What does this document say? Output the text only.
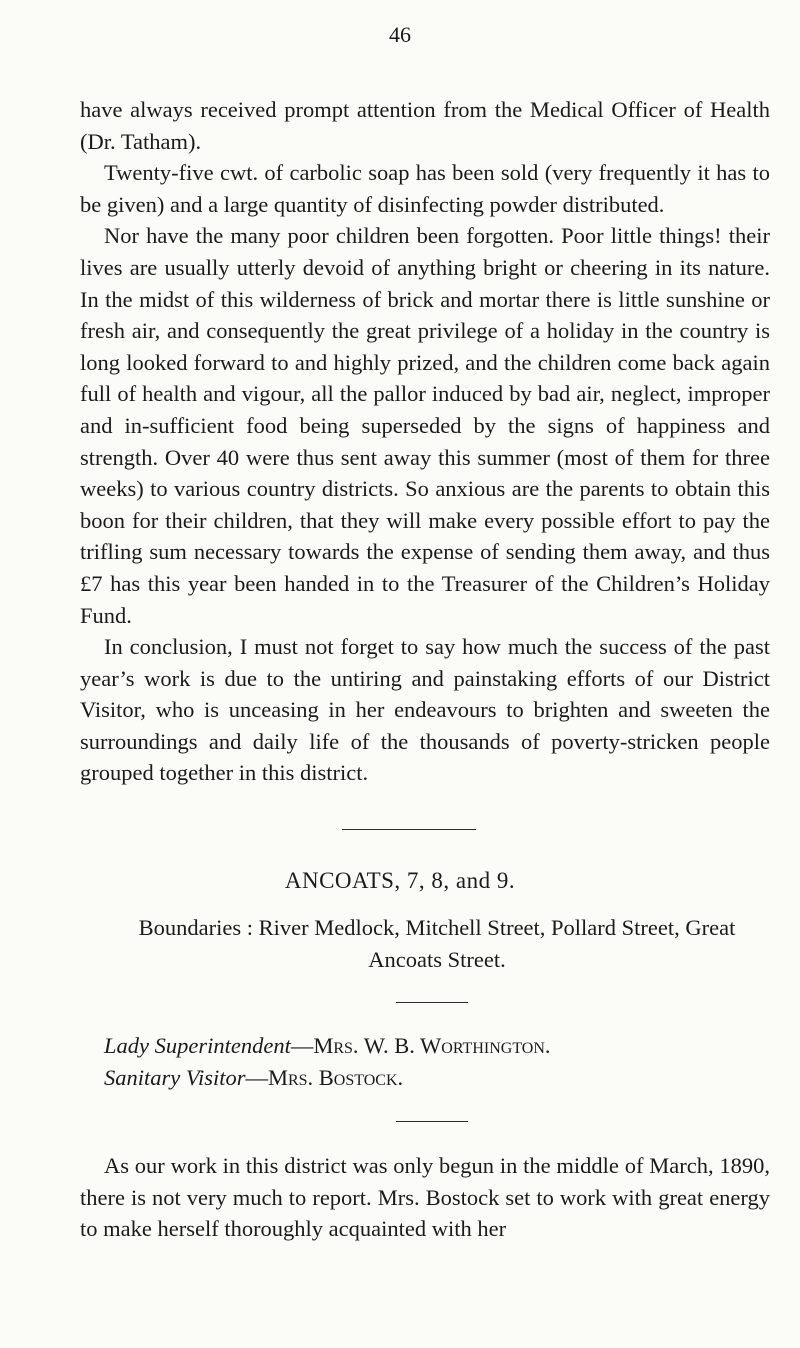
46

have always received prompt attention from the Medical Officer of Health (Dr. Tatham).

Twenty-five cwt. of carbolic soap has been sold (very frequently it has to be given) and a large quantity of disinfecting powder distributed.

Nor have the many poor children been forgotten. Poor little things! their lives are usually utterly devoid of anything bright or cheering in its nature. In the midst of this wilderness of brick and mortar there is little sunshine or fresh air, and consequently the great privilege of a holiday in the country is long looked forward to and highly prized, and the children come back again full of health and vigour, all the pallor induced by bad air, neglect, improper and in-sufficient food being superseded by the signs of happiness and strength. Over 40 were thus sent away this summer (most of them for three weeks) to various country districts. So anxious are the parents to obtain this boon for their children, that they will make every possible effort to pay the trifling sum necessary towards the expense of sending them away, and thus £7 has this year been handed in to the Treasurer of the Children’s Holiday Fund.

In conclusion, I must not forget to say how much the success of the past year’s work is due to the untiring and painstaking efforts of our District Visitor, who is unceasing in her endeavours to brighten and sweeten the surroundings and daily life of the thousands of poverty-stricken people grouped together in this district.

ANCOATS, 7, 8, and 9.
Boundaries : River Medlock, Mitchell Street, Pollard Street, Great Ancoats Street.
Lady Superintendent—Mrs. W. B. Worthington.
Sanitary Visitor—Mrs. Bostock.

As our work in this district was only begun in the middle of March, 1890, there is not very much to report. Mrs. Bostock set to work with great energy to make herself thoroughly acquainted with her
